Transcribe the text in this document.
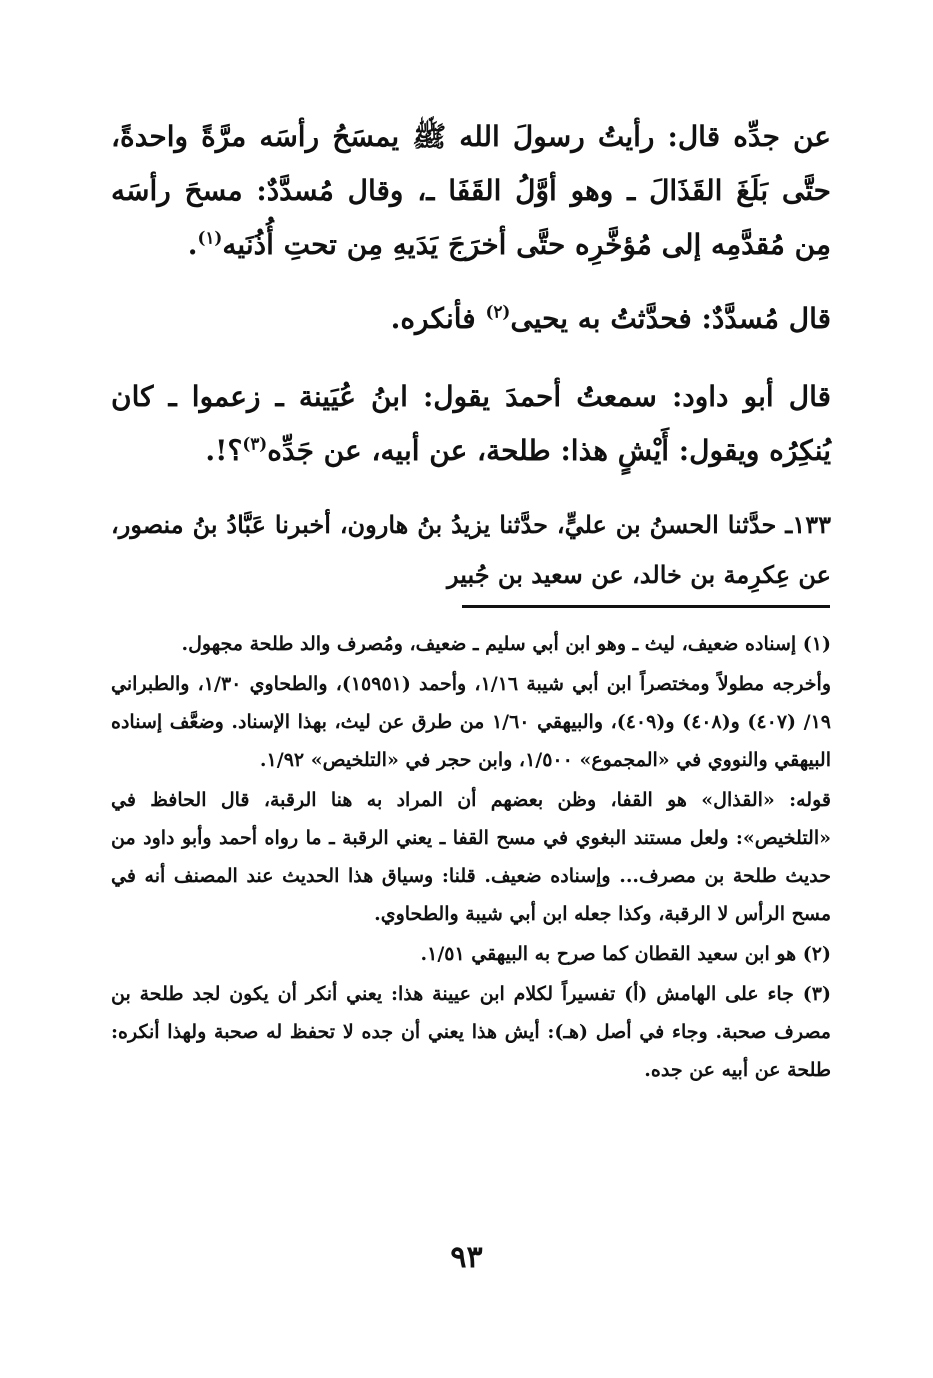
عن جدِّه قال: رأيتُ رسولَ الله ﷺ يمسَحُ رأسَه مرَّةً واحدةً، حتَّى بَلَغَ القَذَالَ ـ وهو أوَّلُ القَفَا ـ، وقال مُسدَّدٌ: مسحَ رأسَه مِن مُقدَّمِه إلى مُؤخَّرِه حتَّى أخرَجَ يَدَيهِ مِن تحتِ أُذُنَيه$^{(١)}$.

قال مُسدَّدٌ: فحدَّثتُ به يحيى$^{(٢)}$ فأنكره.

قال أبو داود: سمعتُ أحمدَ يقول: ابنُ عُيَينة ـ زعموا ـ كان يُنكِرُه ويقول: أَيْشٍ هذا: طلحة، عن أبيه، عن جَدِّه$^{(٣)}$؟!.

١٣٣ـ حدَّثنا الحسنُ بن عليٍّ، حدَّثنا يزيدُ بنُ هارون، أخبرنا عَبَّادُ بنُ منصور، عن عِكرِمة بن خالد، عن سعيد بن جُبير

(١) إسناده ضعيف، ليث ـ وهو ابن أبي سليم ـ ضعيف، ومُصرف والد طلحة مجهول.

وأخرجه مطولاً ومختصراً ابن أبي شيبة ١/١٦، وأحمد (١٥٩٥١)، والطحاوي ١/٣٠، والطبراني ١٩/ (٤٠٧) و(٤٠٨) و(٤٠٩)، والبيهقي ١/٦٠ من طرق عن ليث، بهذا الإسناد. وضعَّف إسناده البيهقي والنووي في «المجموع» ١/٥٠٠، وابن حجر في «التلخيص» ١/٩٢.

قوله: «القذال» هو القفا، وظن بعضهم أن المراد به هنا الرقبة، قال الحافظ في «التلخيص»: ولعل مستند البغوي في مسح القفا ـ يعني الرقبة ـ ما رواه أحمد وأبو داود من حديث طلحة بن مصرف... وإسناده ضعيف. قلنا: وسياق هذا الحديث عند المصنف أنه في مسح الرأس لا الرقبة، وكذا جعله ابن أبي شيبة والطحاوي.

(٢) هو ابن سعيد القطان كما صرح به البيهقي ١/٥١.

(٣) جاء على الهامش (أ) تفسيراً لكلام ابن عيينة هذا: يعني أنكر أن يكون لجد طلحة بن مصرف صحبة. وجاء في أصل (هـ): أيش هذا يعني أن جده لا تحفظ له صحبة ولهذا أنكره: طلحة عن أبيه عن جده.

٩٣
